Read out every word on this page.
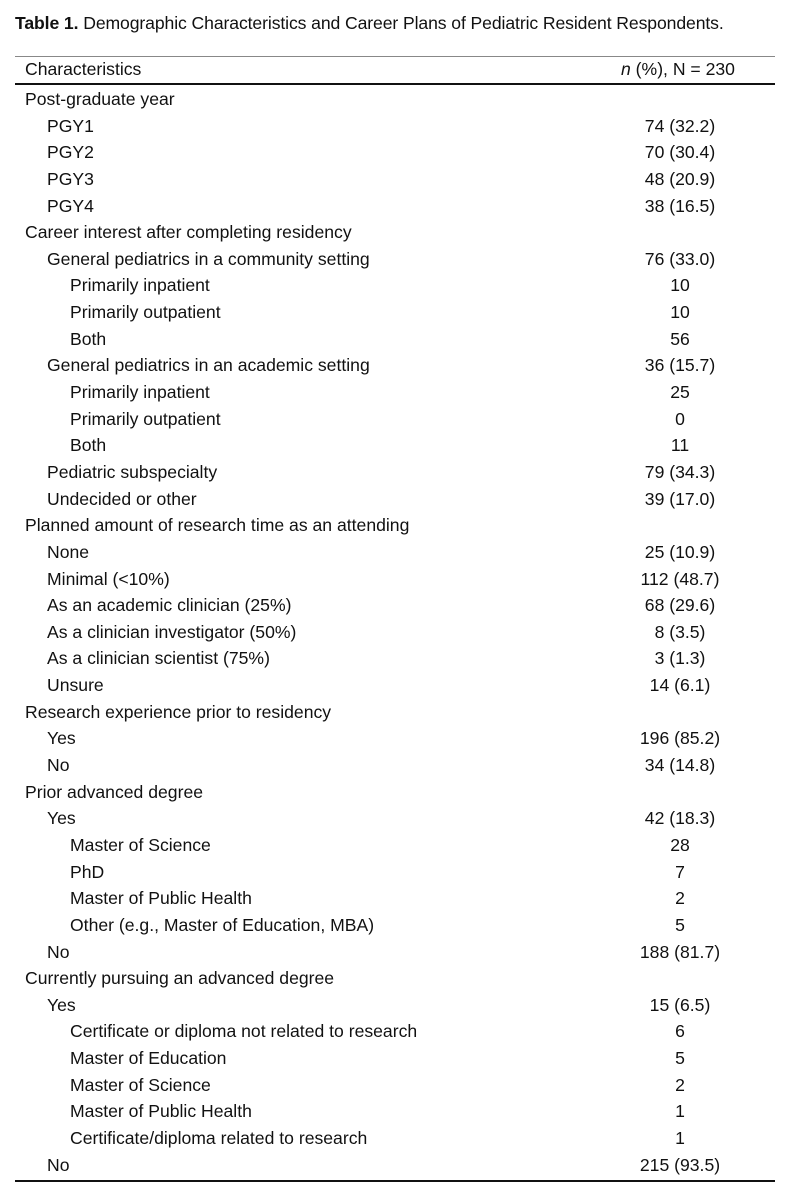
Table 1. Demographic Characteristics and Career Plans of Pediatric Resident Respondents.
Characteristics	n (%), N = 230
Post-graduate year
PGY1	74 (32.2)
PGY2	70 (30.4)
PGY3	48 (20.9)
PGY4	38 (16.5)
Career interest after completing residency
General pediatrics in a community setting	76 (33.0)
Primarily inpatient	10
Primarily outpatient	10
Both	56
General pediatrics in an academic setting	36 (15.7)
Primarily inpatient	25
Primarily outpatient	0
Both	11
Pediatric subspecialty	79 (34.3)
Undecided or other	39 (17.0)
Planned amount of research time as an attending
None	25 (10.9)
Minimal (<10%)	112 (48.7)
As an academic clinician (25%)	68 (29.6)
As a clinician investigator (50%)	8 (3.5)
As a clinician scientist (75%)	3 (1.3)
Unsure	14 (6.1)
Research experience prior to residency
Yes	196 (85.2)
No	34 (14.8)
Prior advanced degree
Yes	42 (18.3)
Master of Science	28
PhD	7
Master of Public Health	2
Other (e.g., Master of Education, MBA)	5
No	188 (81.7)
Currently pursuing an advanced degree
Yes	15 (6.5)
Certificate or diploma not related to research	6
Master of Education	5
Master of Science	2
Master of Public Health	1
Certificate/diploma related to research	1
No	215 (93.5)
